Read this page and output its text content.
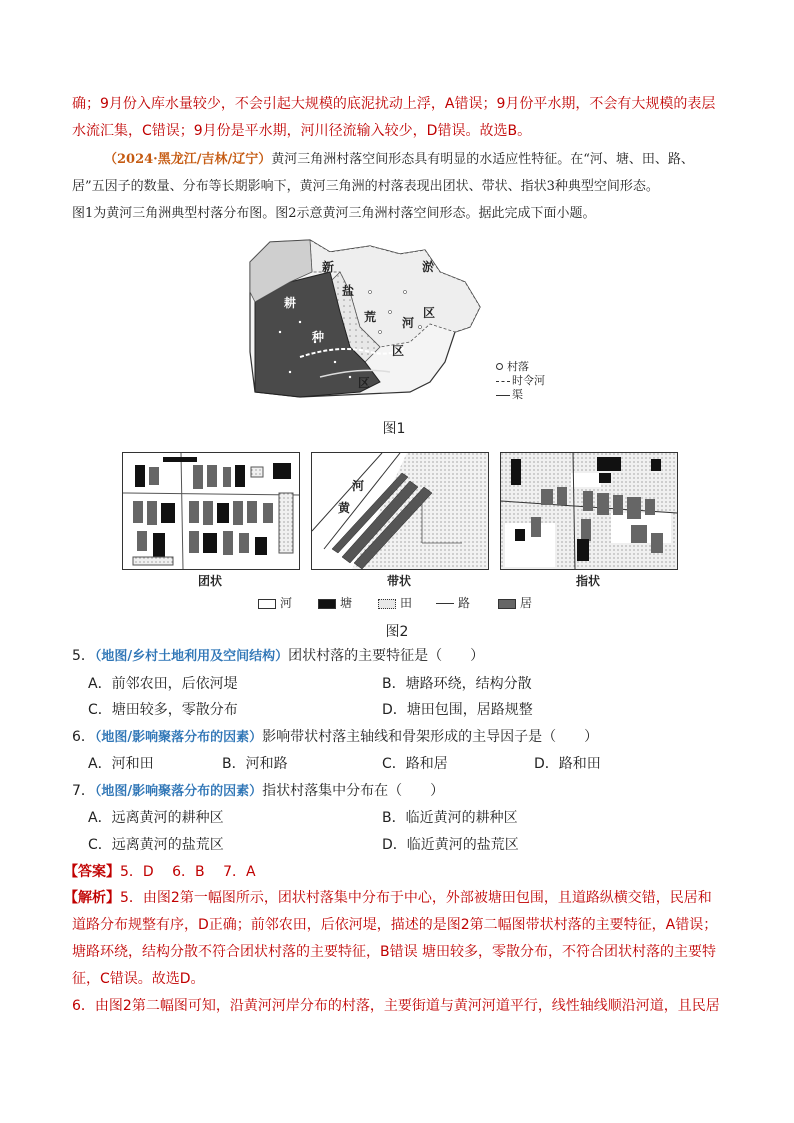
确；9月份入库水量较少，不会引起大规模的底泥扰动上浮，A错误；9月份平水期，不会有大规模的表层
水流汇集，C错误；9月份是平水期，河川径流输入较少，D错误。故选B。
（2024·黑龙江/吉林/辽宁）黄河三角洲村落空间形态具有明显的水适应性特征。在“河、塘、田、路、
居”五因子的数量、分布等长期影响下，黄河三角洲的村落表现出团状、带状、指状3种典型空间形态。
图1为黄河三角洲典型村落分布图。图2示意黄河三角洲村落空间形态。据此完成下面小题。
新	淤
盐
荒 河
区
耕
种
区
区
村落
时令河
渠
图1
河
黄
团状	带状	指状
河	塘	田	路	居
图2
5．（地图/乡村土地利用及空间结构）团状村落的主要特征是（　　）
A．前邻农田，后依河堤	B．塘路环绕，结构分散
C．塘田较多，零散分布	D．塘田包围，居路规整
6．（地图/影响聚落分布的因素）影响带状村落主轴线和骨架形成的主导因子是（　　）
A．河和田	B．河和路	C．路和居	D．路和田
7．（地图/影响聚落分布的因素）指状村落集中分布在（　　）
A．远离黄河的耕种区	B．临近黄河的耕种区
C．远离黄河的盐荒区	D．临近黄河的盐荒区
【答案】5．D　 6．B　 7．A
【解析】5．由图2第一幅图所示，团状村落集中分布于中心，外部被塘田包围，且道路纵横交错，民居和
道路分布规整有序，D正确；前邻农田，后依河堤，描述的是图2第二幅图带状村落的主要特征，A错误；
塘路环绕，结构分散不符合团状村落的主要特征，B错误 塘田较多，零散分布，不符合团状村落的主要特
征，C错误。故选D。
6．由图2第二幅图可知，沿黄河河岸分布的村落，主要街道与黄河河道平行，线性轴线顺沿河道，且民居
